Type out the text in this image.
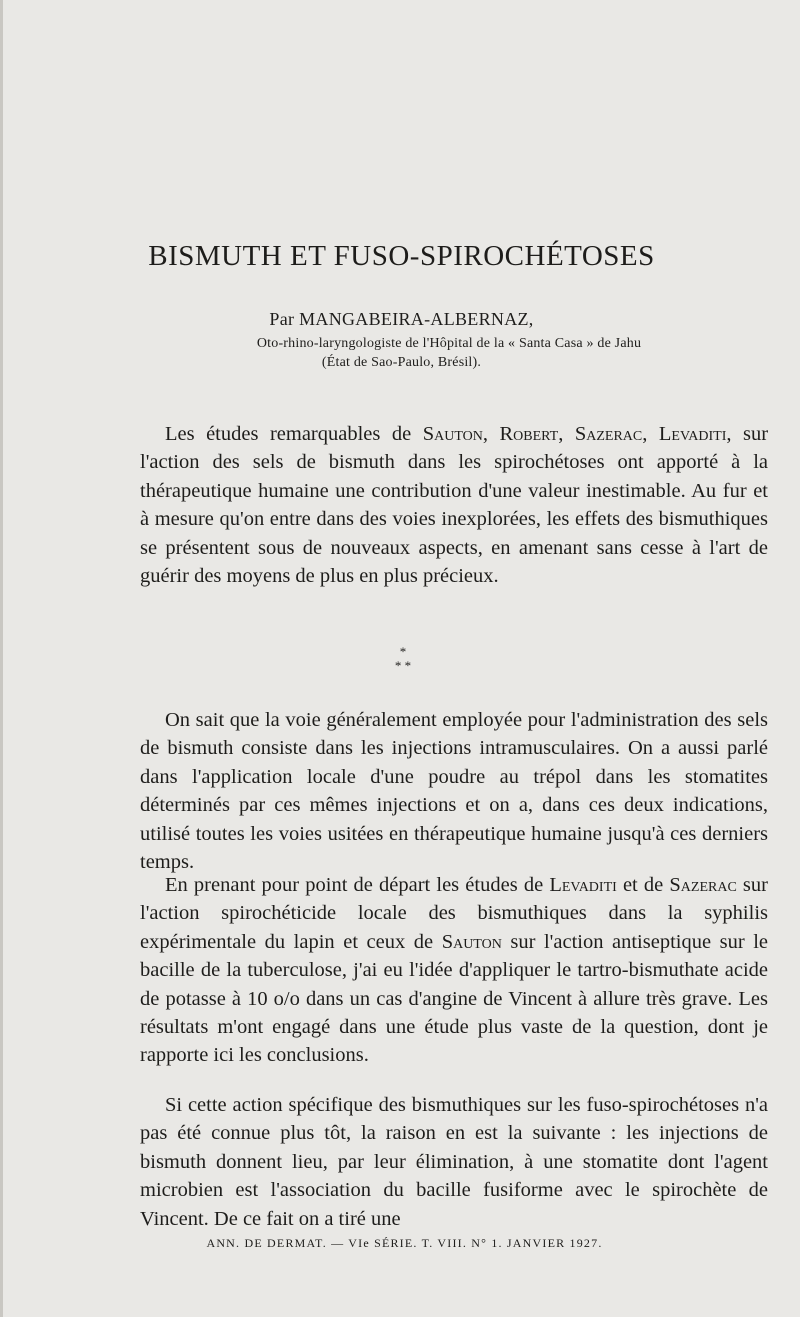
BISMUTH ET FUSO-SPIROCHÉTOSES
Par MANGABEIRA-ALBERNAZ,
Oto-rhino-laryngologiste de l'Hôpital de la « Santa Casa » de Jahu
(État de Sao-Paulo, Brésil).

Les études remarquables de Sauton, Robert, Sazerac, Levaditi, sur l'action des sels de bismuth dans les spirochétoses ont apporté à la thérapeutique humaine une contribution d'une valeur inestimable. Au fur et à mesure qu'on entre dans des voies inexplorées, les effets des bismuthiques se présentent sous de nouveaux aspects, en amenant sans cesse à l'art de guérir des moyens de plus en plus précieux.

*
* *

On sait que la voie généralement employée pour l'administration des sels de bismuth consiste dans les injections intramusculaires. On a aussi parlé dans l'application locale d'une poudre au trépol dans les stomatites déterminés par ces mêmes injections et on a, dans ces deux indications, utilisé toutes les voies usitées en thérapeutique humaine jusqu'à ces derniers temps.

En prenant pour point de départ les études de Levaditi et de Sazerac sur l'action spirochéticide locale des bismuthiques dans la syphilis expérimentale du lapin et ceux de Sauton sur l'action antiseptique sur le bacille de la tuberculose, j'ai eu l'idée d'appliquer le tartro-bismuthate acide de potasse à 10 o/o dans un cas d'angine de Vincent à allure très grave. Les résultats m'ont engagé dans une étude plus vaste de la question, dont je rapporte ici les conclusions.

Si cette action spécifique des bismuthiques sur les fuso-spirochétoses n'a pas été connue plus tôt, la raison en est la suivante : les injections de bismuth donnent lieu, par leur élimination, à une stomatite dont l'agent microbien est l'association du bacille fusiforme avec le spirochète de Vincent. De ce fait on a tiré une

ANN. DE DERMAT. — VIe SÉRIE. T. VIII. N° 1. JANVIER 1927.
